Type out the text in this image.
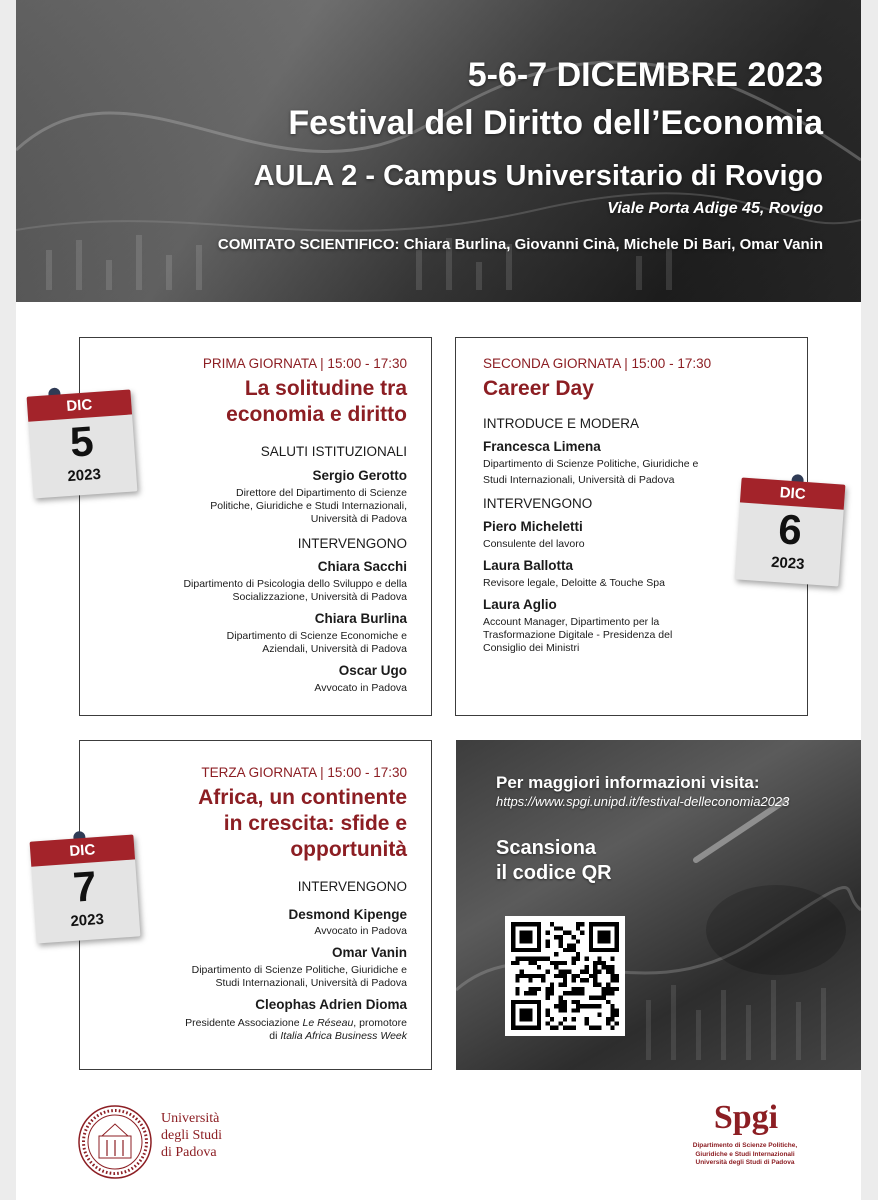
5-6-7 DICEMBRE 2023
Festival del Diritto dell’Economia
AULA 2 - Campus Universitario di Rovigo
Viale Porta Adige 45, Rovigo
COMITATO SCIENTIFICO: Chiara Burlina, Giovanni Cinà, Michele Di Bari, Omar Vanin
PRIMA GIORNATA | 15:00 - 17:30
La solitudine tra
economia e diritto
SALUTI ISTITUZIONALI
Sergio Gerotto
Direttore del Dipartimento di Scienze
Politiche, Giuridiche e Studi Internazionali,
Università di Padova
INTERVENGONO
Chiara Sacchi
Dipartimento di Psicologia dello Sviluppo e della
Socializzazione, Università di Padova
Chiara Burlina
Dipartimento di Scienze Economiche e
Aziendali, Università di Padova
Oscar Ugo
Avvocato in Padova
SECONDA GIORNATA | 15:00 - 17:30
Career Day
INTRODUCE E MODERA
Francesca Limena
Dipartimento di Scienze Politiche, Giuridiche e
Studi Internazionali, Università di Padova
INTERVENGONO
Piero Micheletti
Consulente del lavoro
Laura Ballotta
Revisore legale, Deloitte & Touche Spa
Laura Aglio
Account Manager, Dipartimento per la
Trasformazione Digitale - Presidenza del
Consiglio dei Ministri
TERZA GIORNATA | 15:00 - 17:30
Africa, un continente
in crescita: sfide e
opportunità
INTERVENGONO
Desmond Kipenge
Avvocato in Padova
Omar Vanin
Dipartimento di Scienze Politiche, Giuridiche e
Studi Internazionali, Università di Padova
Cleophas Adrien Dioma
Presidente Associazione Le Réseau, promotore
di Italia Africa Business Week
DIC
5
2023
DIC
6
2023
DIC
7
2023
Per maggiori informazioni visita:
https://www.spgi.unipd.it/festival-delleconomia2023
Scansiona
il codice QR
Università
degli Studi
di Padova
Spgi
Dipartimento di Scienze Politiche,
Giuridiche e Studi Internazionali
Università degli Studi di Padova
